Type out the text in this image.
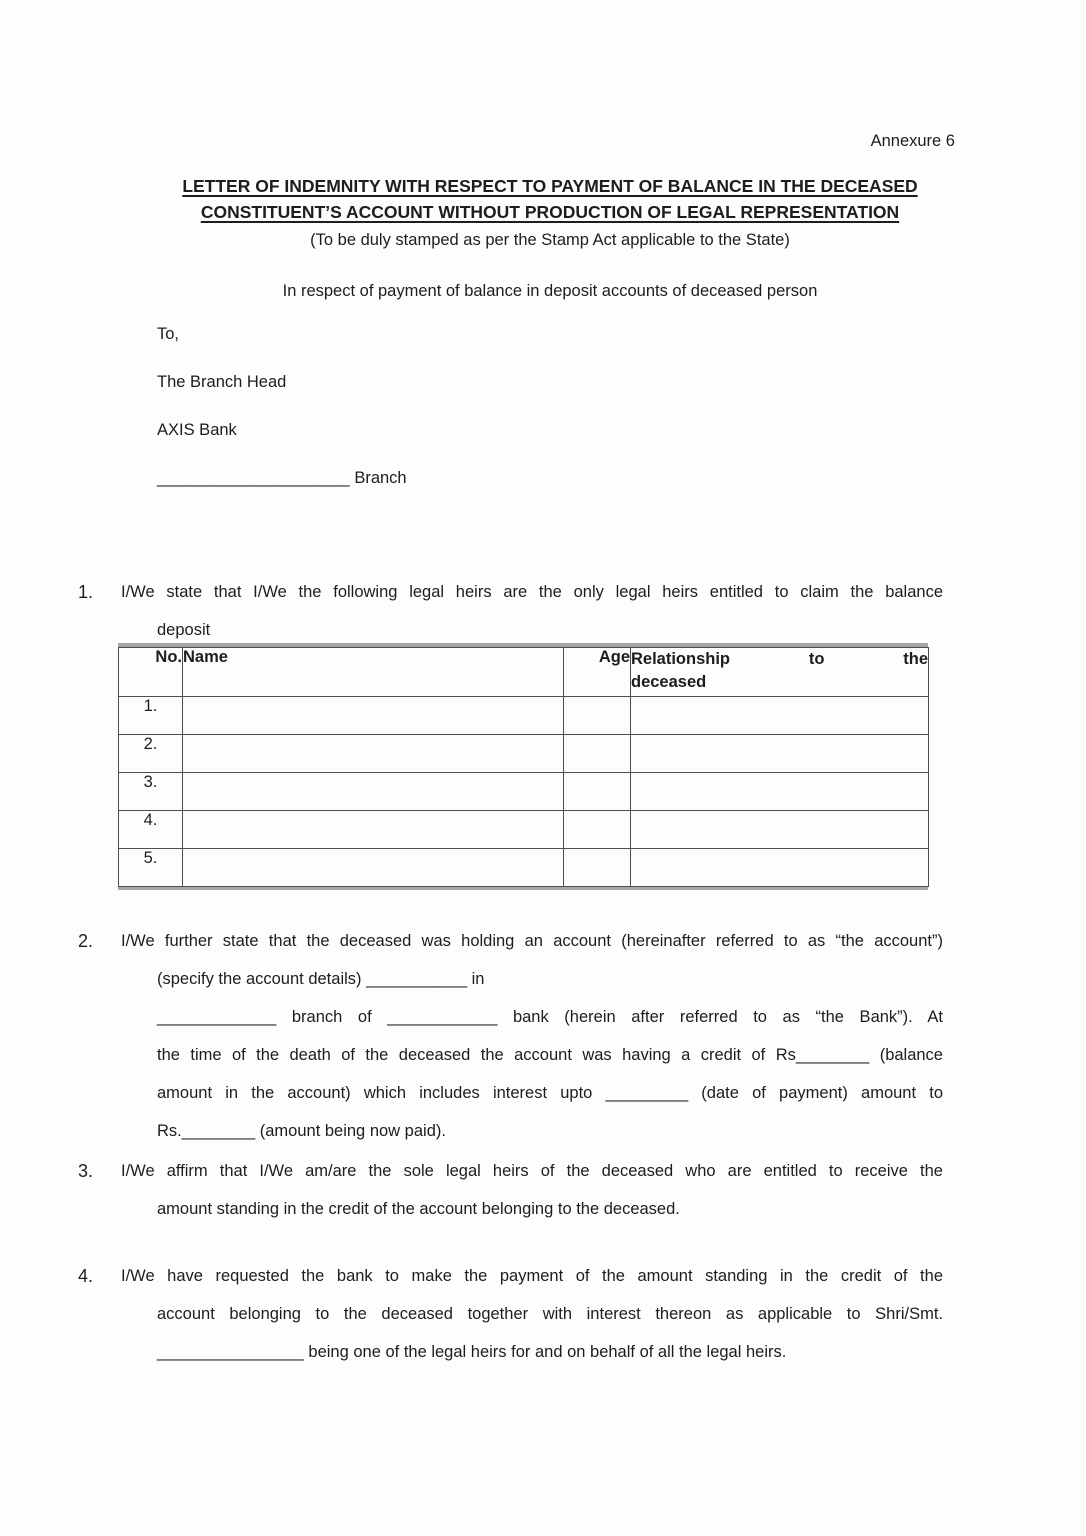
Annexure 6
LETTER OF INDEMNITY WITH RESPECT TO PAYMENT OF BALANCE IN THE DECEASED
CONSTITUENT’S ACCOUNT WITHOUT PRODUCTION OF LEGAL REPRESENTATION
(To be duly stamped as per the Stamp Act applicable to the State)
In respect of payment of balance in deposit accounts of deceased person
To,
The Branch Head
AXIS Bank
_____________________ Branch
1. I/We state that I/We the following legal heirs are the only legal heirs entitled to claim the balance
deposit
No.	Name	Age	Relationship to the
deceased

1.			
2.			
3.			
4.			
5.			
2. I/We further state that the deceased was holding an account (hereinafter referred to as “the account”)
(specify the account details) ___________ in
_____________ branch of ____________ bank (herein after referred to as “the Bank”). At
the time of the death of the deceased the account was having a credit of Rs________ (balance
amount in the account) which includes interest upto _________ (date of payment) amount to
Rs.________ (amount being now paid).
3. I/We affirm that I/We am/are the sole legal heirs of the deceased who are entitled to receive the
amount standing in the credit of the account belonging to the deceased.
4. I/We have requested the bank to make the payment of the amount standing in the credit of the
account belonging to the deceased together with interest thereon as applicable to Shri/Smt.
________________ being one of the legal heirs for and on behalf of all the legal heirs.
